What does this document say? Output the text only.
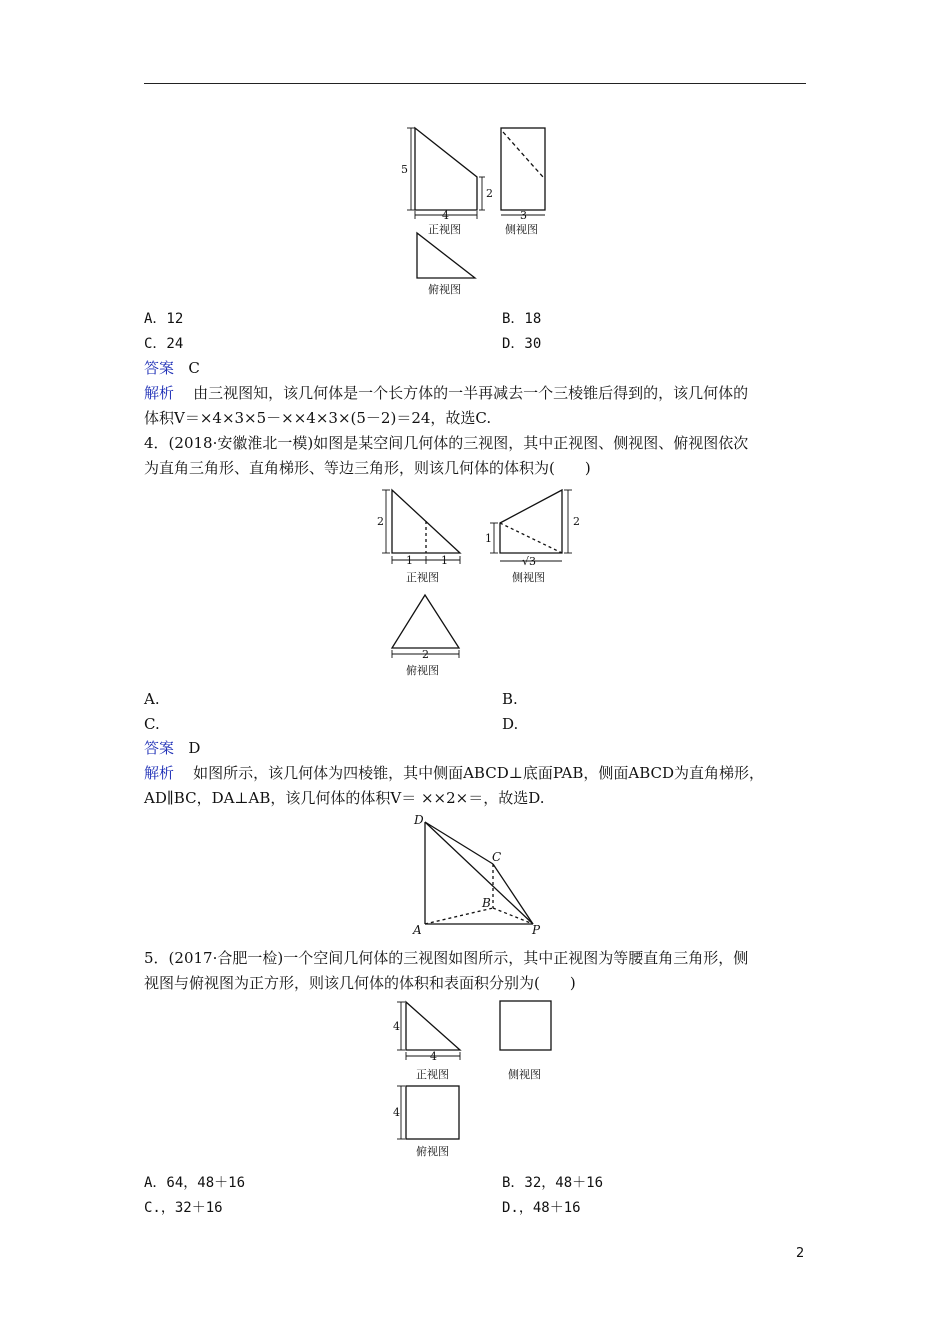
5
2
4	3
正视图	侧视图
俯视图
A．12	B．18
C．24	D．30
答案 C
解析 由三视图知，该几何体是一个长方体的一半再减去一个三棱锥后得到的，该几何体的
体积V＝×4×3×5－××4×3×(5－2)＝24，故选C.
4．(2018·安徽淮北一模)如图是某空间几何体的三视图，其中正视图、侧视图、俯视图依次
为直角三角形、直角梯形、等边三角形，则该几何体的体积为(　　)
2
1	1
1
2
√3
正视图	侧视图
2
俯视图
A.	B.
C.	D.
答案 D
解析 如图所示，该几何体为四棱锥，其中侧面ABCD⊥底面PAB，侧面ABCD为直角梯形，
AD∥BC，DA⊥AB，该几何体的体积V＝ ××2×＝，故选D.
D
C
B
A	P
5．(2017·合肥一检)一个空间几何体的三视图如图所示，其中正视图为等腰直角三角形，侧
视图与俯视图为正方形，则该几何体的体积和表面积分别为(　　)
4
4
4
正视图	侧视图
俯视图
A．64，48＋16	B．32，48＋16
C.，32＋16	D.，48＋16
2
